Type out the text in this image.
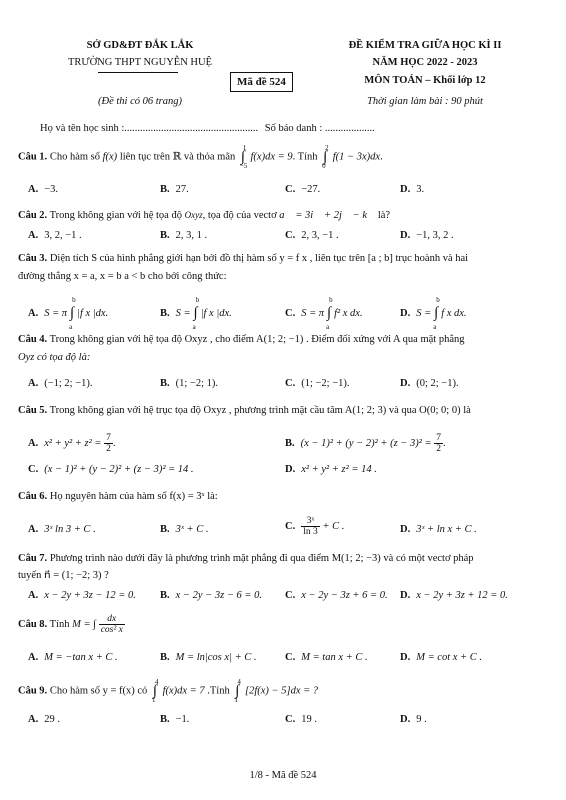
SỞ GD&ĐT ĐẮK LẮK
TRƯỜNG THPT NGUYỄN HUỆ
Mã đề 524
(Đề thi có 06 trang)
ĐỀ KIỂM TRA GIỮA HỌC KÌ II
NĂM HỌC 2022 - 2023
MÔN TOÁN – Khối lớp 12
Thời gian làm bài : 90 phút
Họ và tên học sinh :................................................... Số báo danh : ...................
Câu 1. Cho hàm số f(x) liên tục trên ℝ và thỏa mãn ∫
1
−5
f(x)dx = 9. Tính ∫
2
0
f(1 − 3x)dx.
A. −3.	B. 27.	C. −27.	D. 3.
Câu 2. Trong không gian với hệ tọa độ Oxyz, tọa độ của vectơ a⃗ = 3i⃗ + 2j⃗ − k⃗ là?
A. 3, 2, −1 .	B. 2, 3, 1 .	C. 2, 3, −1 .	D. −1, 3, 2 .
Câu 3. Diện tích S của hình phẳng giới hạn bởi đồ thị hàm số y = f x , liên tục trên [a ; b] trục hoành và hai
đường thẳng x = a, x = b a < b cho bởi công thức:
A. S = π ∫
b
a
|f x |dx.	B. S = ∫
b
a
|f x |dx.	C. S = π ∫
b
a
f² x dx.	D. S = ∫
b
a
f x dx.
Câu 4. Trong không gian với hệ tọa độ Oxyz , cho điểm A(1; 2; −1) . Điểm đối xứng với A qua mặt phẳng
Oyz có tọa độ là:
A. (−1; 2; −1).	B. (1; −2; 1).	C. (1; −2; −1).	D. (0; 2; −1).
Câu 5. Trong không gian với hệ trục tọa độ Oxyz , phương trình mặt cầu tâm A(1; 2; 3) và qua O(0; 0; 0) là
A. $x^2 + y^2 + z^2 = \frac{7}{2}$ .	B. $(x - 1)^2 + (y - 2)^2 + (z - 3)^2 = \frac{7}{2}$ .
C. (x − 1)² + (y − 2)² + (z − 3)² = 14 .	D. x² + y² + z² = 14 .
Câu 6. Họ nguyên hàm của hàm số f(x) = 3ˣ là:
A. 3ˣ ln 3 + C .	B. 3ˣ + C .	C. $\frac{\text{3ˣ}}{\ln 3} + C$ .	D. 3ˣ + ln x + C .
Câu 7. Phương trình nào dưới đây là phương trình mặt phẳng đi qua điểm M(1; 2; −3) và có một vectơ pháp
tuyến n⃗ = (1; −2; 3) ?
A. x − 2y + 3z − 12 = 0. B. x − 2y − 3z − 6 = 0. C. x − 2y − 3z + 6 = 0. D. x − 2y + 3z + 12 = 0.
Câu 8. Tính M = ∫ $\frac{dx}{\text{cos² x}}$
A. M = −tan x + C .	B. M = ln|cos x| + C .	C. M = tan x + C .	D. M = cot x + C .
Câu 9. Cho hàm số y = f(x) có ∫
4
1
f(x)dx = 7 .Tính ∫
4
1
[2f(x) − 5]dx = ?
A. 29 .	B. −1.	C. 19 .	D. 9 .
1/8 - Mã đề 524
